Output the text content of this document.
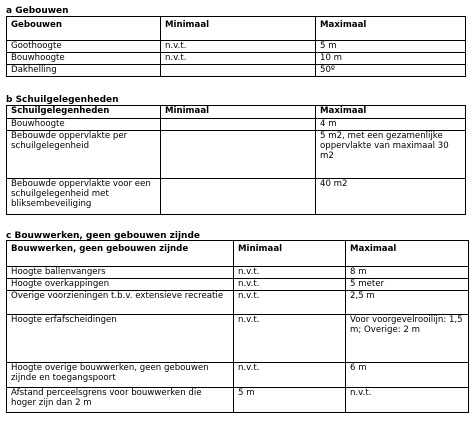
a Gebouwen
Gebouwen	Minimaal	Maximaal
Goothoogte	n.v.t.	5 m
Bouwhoogte	n.v.t.	10 m
Dakhelling		50º
b Schuilgelegenheden
Schuilgelegenheden	Minimaal	Maximaal
Bouwhoogte		4 m
Bebouwde oppervlakte per schuilgelegenheid		5 m2, met een gezamenlijke oppervlakte van maximaal 30 m2
Bebouwde oppervlakte voor een schuilgelegenheid met bliksembeveiliging		40 m2
c Bouwwerken, geen gebouwen zijnde
Bouwwerken, geen gebouwen zijnde	Minimaal	Maximaal
Hoogte ballenvangers	n.v.t.	8 m
Hoogte overkappingen	n.v.t.	5 meter
Overige voorzieningen t.b.v. extensieve recreatie	n.v.t.	2,5 m
Hoogte erfafscheidingen	n.v.t.	Voor voorgevelrooilijn: 1,5 m; Overige: 2 m
Hoogte overige bouwwerken, geen gebouwen zijnde en toegangspoort	n.v.t.	6 m
Afstand perceelsgrens voor bouwwerken die hoger zijn dan 2 m	5 m	n.v.t.
